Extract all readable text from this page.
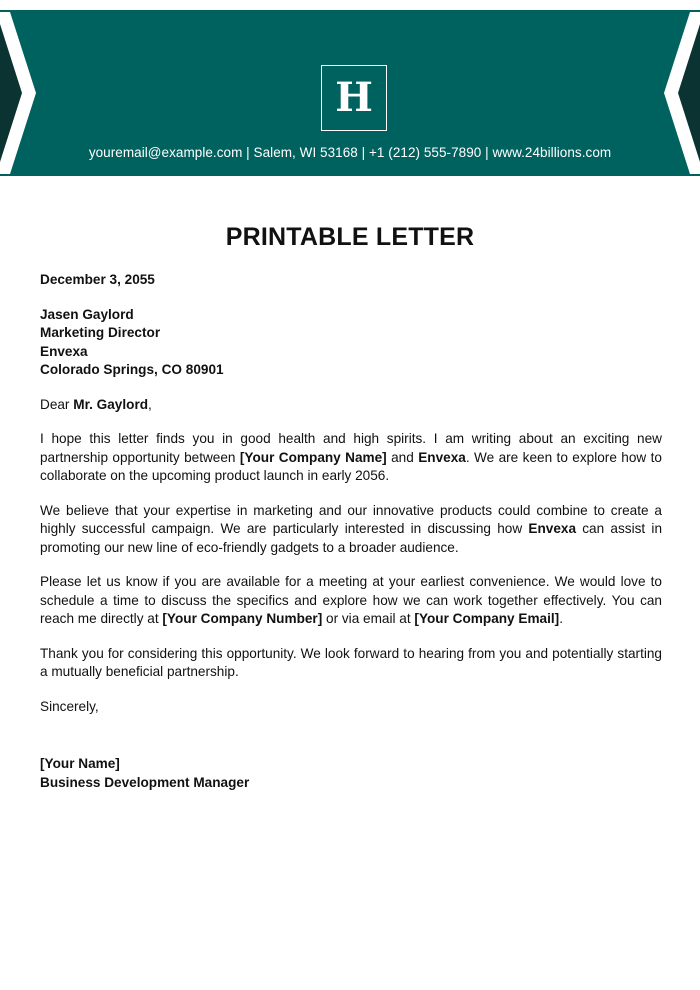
H
youremail@example.com | Salem, WI 53168 | +1 (212) 555-7890 | www.24billions.com
PRINTABLE LETTER

December 3, 2055

Jasen Gaylord

Marketing Director

Envexa

Colorado Springs, CO 80901

Dear Mr. Gaylord,

I hope this letter finds you in good health and high spirits. I am writing about an exciting new partnership opportunity between [Your Company Name] and Envexa. We are keen to explore how to collaborate on the upcoming product launch in early 2056.

We believe that your expertise in marketing and our innovative products could combine to create a highly successful campaign. We are particularly interested in discussing how Envexa can assist in promoting our new line of eco-friendly gadgets to a broader audience.

Please let us know if you are available for a meeting at your earliest convenience. We would love to schedule a time to discuss the specifics and explore how we can work together effectively. You can reach me directly at [Your Company Number] or via email at [Your Company Email].

Thank you for considering this opportunity. We look forward to hearing from you and potentially starting a mutually beneficial partnership.

Sincerely,

[Your Name]

Business Development Manager
